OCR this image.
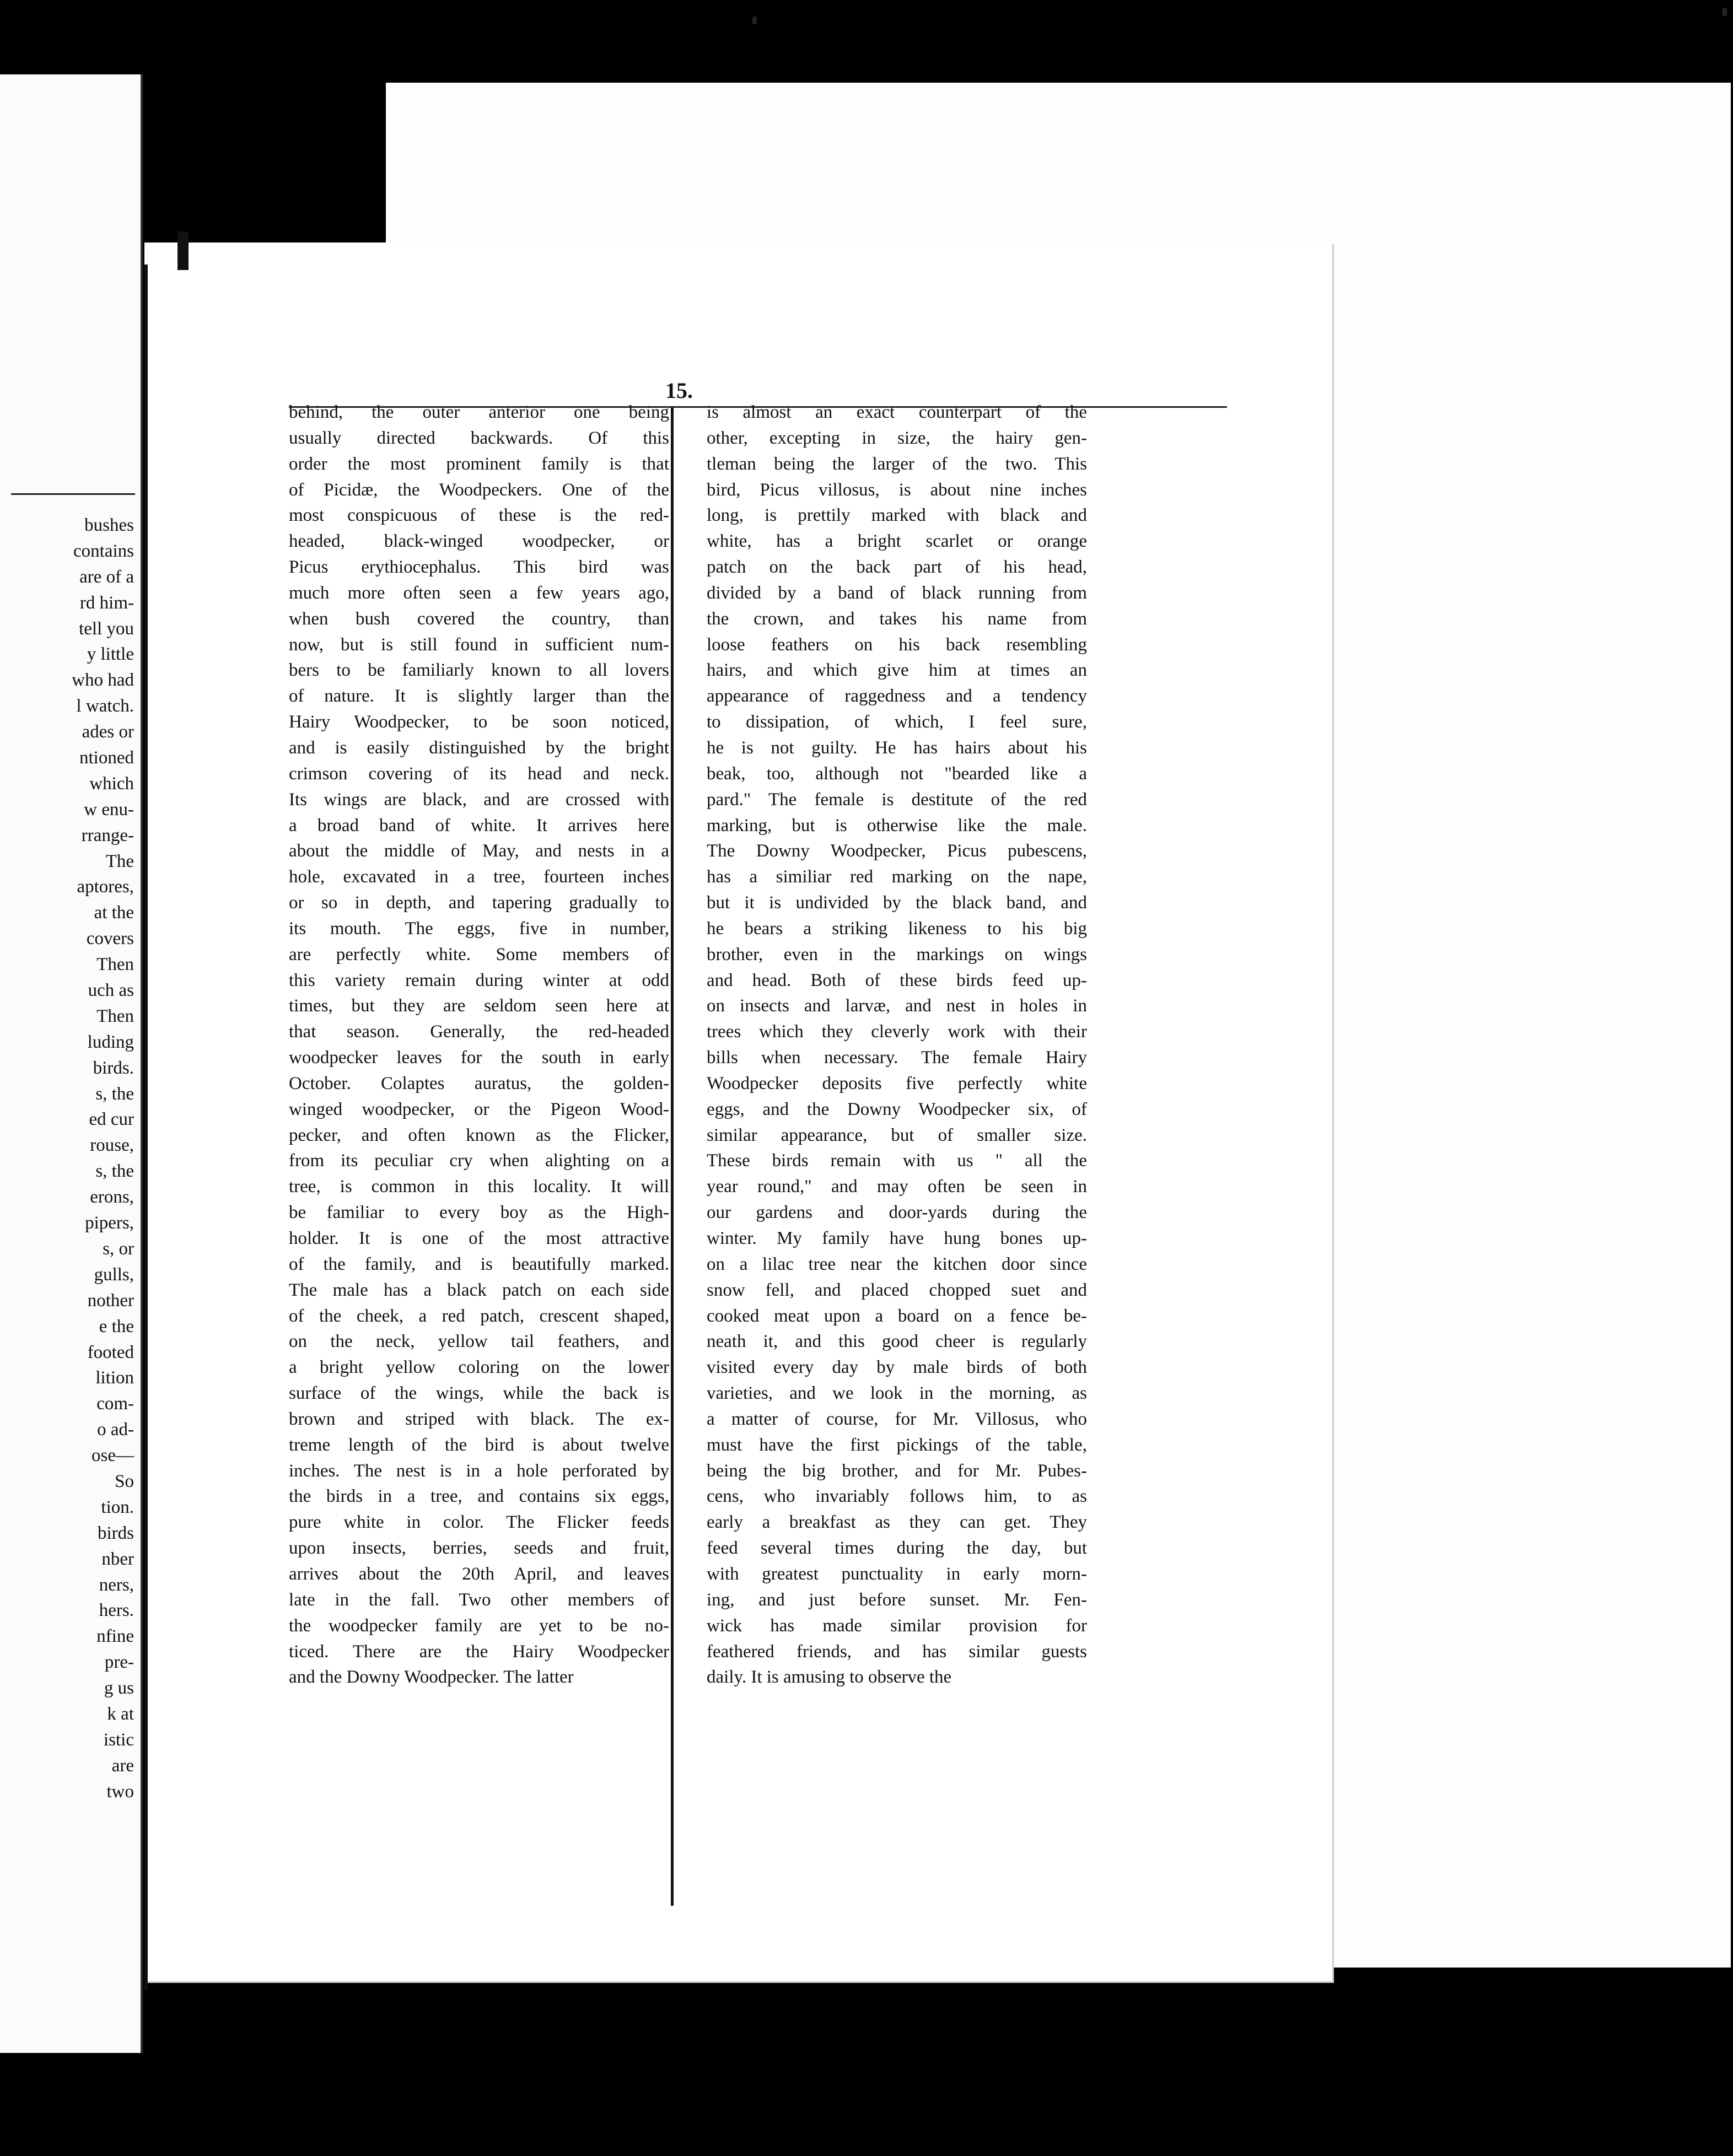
bushes
contains
are of a
rd him-
tell you
y little
who had
l watch.
ades or
ntioned
which
w enu-
rrange-
The
aptores,
at the
covers
Then
uch as
Then
luding
birds.
s, the
ed cur
rouse,
s, the
erons,
pipers,
s, or
gulls,
nother
e the
footed
lition
com-
o ad-
ose—
So
tion.
birds
nber
ners,
hers.
nfine
pre-
g us
k at
istic
are
two
15.
behind, the outer anterior one being
usually directed backwards. Of this
order the most prominent family is that
of Picidæ, the Woodpeckers. One of the
most conspicuous of these is the red-
headed, black-winged woodpecker, or
Picus erythiocephalus. This bird was
much more often seen a few years ago,
when bush covered the country, than
now, but is still found in sufficient num-
bers to be familiarly known to all lovers
of nature. It is slightly larger than the
Hairy Woodpecker, to be soon noticed,
and is easily distinguished by the bright
crimson covering of its head and neck.
Its wings are black, and are crossed with
a broad band of white. It arrives here
about the middle of May, and nests in a
hole, excavated in a tree, fourteen inches
or so in depth, and tapering gradually to
its mouth. The eggs, five in number,
are perfectly white. Some members of
this variety remain during winter at odd
times, but they are seldom seen here at
that season. Generally, the red-headed
woodpecker leaves for the south in early
October. Colaptes auratus, the golden-
winged woodpecker, or the Pigeon Wood-
pecker, and often known as the Flicker,
from its peculiar cry when alighting on a
tree, is common in this locality. It will
be familiar to every boy as the High-
holder. It is one of the most attractive
of the family, and is beautifully marked.
The male has a black patch on each side
of the cheek, a red patch, crescent shaped,
on the neck, yellow tail feathers, and
a bright yellow coloring on the lower
surface of the wings, while the back is
brown and striped with black. The ex-
treme length of the bird is about twelve
inches. The nest is in a hole perforated by
the birds in a tree, and contains six eggs,
pure white in color. The Flicker feeds
upon insects, berries, seeds and fruit,
arrives about the 20th April, and leaves
late in the fall. Two other members of
the woodpecker family are yet to be no-
ticed. There are the Hairy Woodpecker
and the Downy Woodpecker. The latter
is almost an exact counterpart of the
other, excepting in size, the hairy gen-
tleman being the larger of the two. This
bird, Picus villosus, is about nine inches
long, is prettily marked with black and
white, has a bright scarlet or orange
patch on the back part of his head,
divided by a band of black running from
the crown, and takes his name from
loose feathers on his back resembling
hairs, and which give him at times an
appearance of raggedness and a tendency
to dissipation, of which, I feel sure,
he is not guilty. He has hairs about his
beak, too, although not "bearded like a
pard." The female is destitute of the red
marking, but is otherwise like the male.
The Downy Woodpecker, Picus pubescens,
has a similiar red marking on the nape,
but it is undivided by the black band, and
he bears a striking likeness to his big
brother, even in the markings on wings
and head. Both of these birds feed up-
on insects and larvæ, and nest in holes in
trees which they cleverly work with their
bills when necessary. The female Hairy
Woodpecker deposits five perfectly white
eggs, and the Downy Woodpecker six, of
similar appearance, but of smaller size.
These birds remain with us " all the
year round," and may often be seen in
our gardens and door-yards during the
winter. My family have hung bones up-
on a lilac tree near the kitchen door since
snow fell, and placed chopped suet and
cooked meat upon a board on a fence be-
neath it, and this good cheer is regularly
visited every day by male birds of both
varieties, and we look in the morning, as
a matter of course, for Mr. Villosus, who
must have the first pickings of the table,
being the big brother, and for Mr. Pubes-
cens, who invariably follows him, to as
early a breakfast as they can get. They
feed several times during the day, but
with greatest punctuality in early morn-
ing, and just before sunset. Mr. Fen-
wick has made similar provision for
feathered friends, and has similar guests
daily. It is amusing to observe the
